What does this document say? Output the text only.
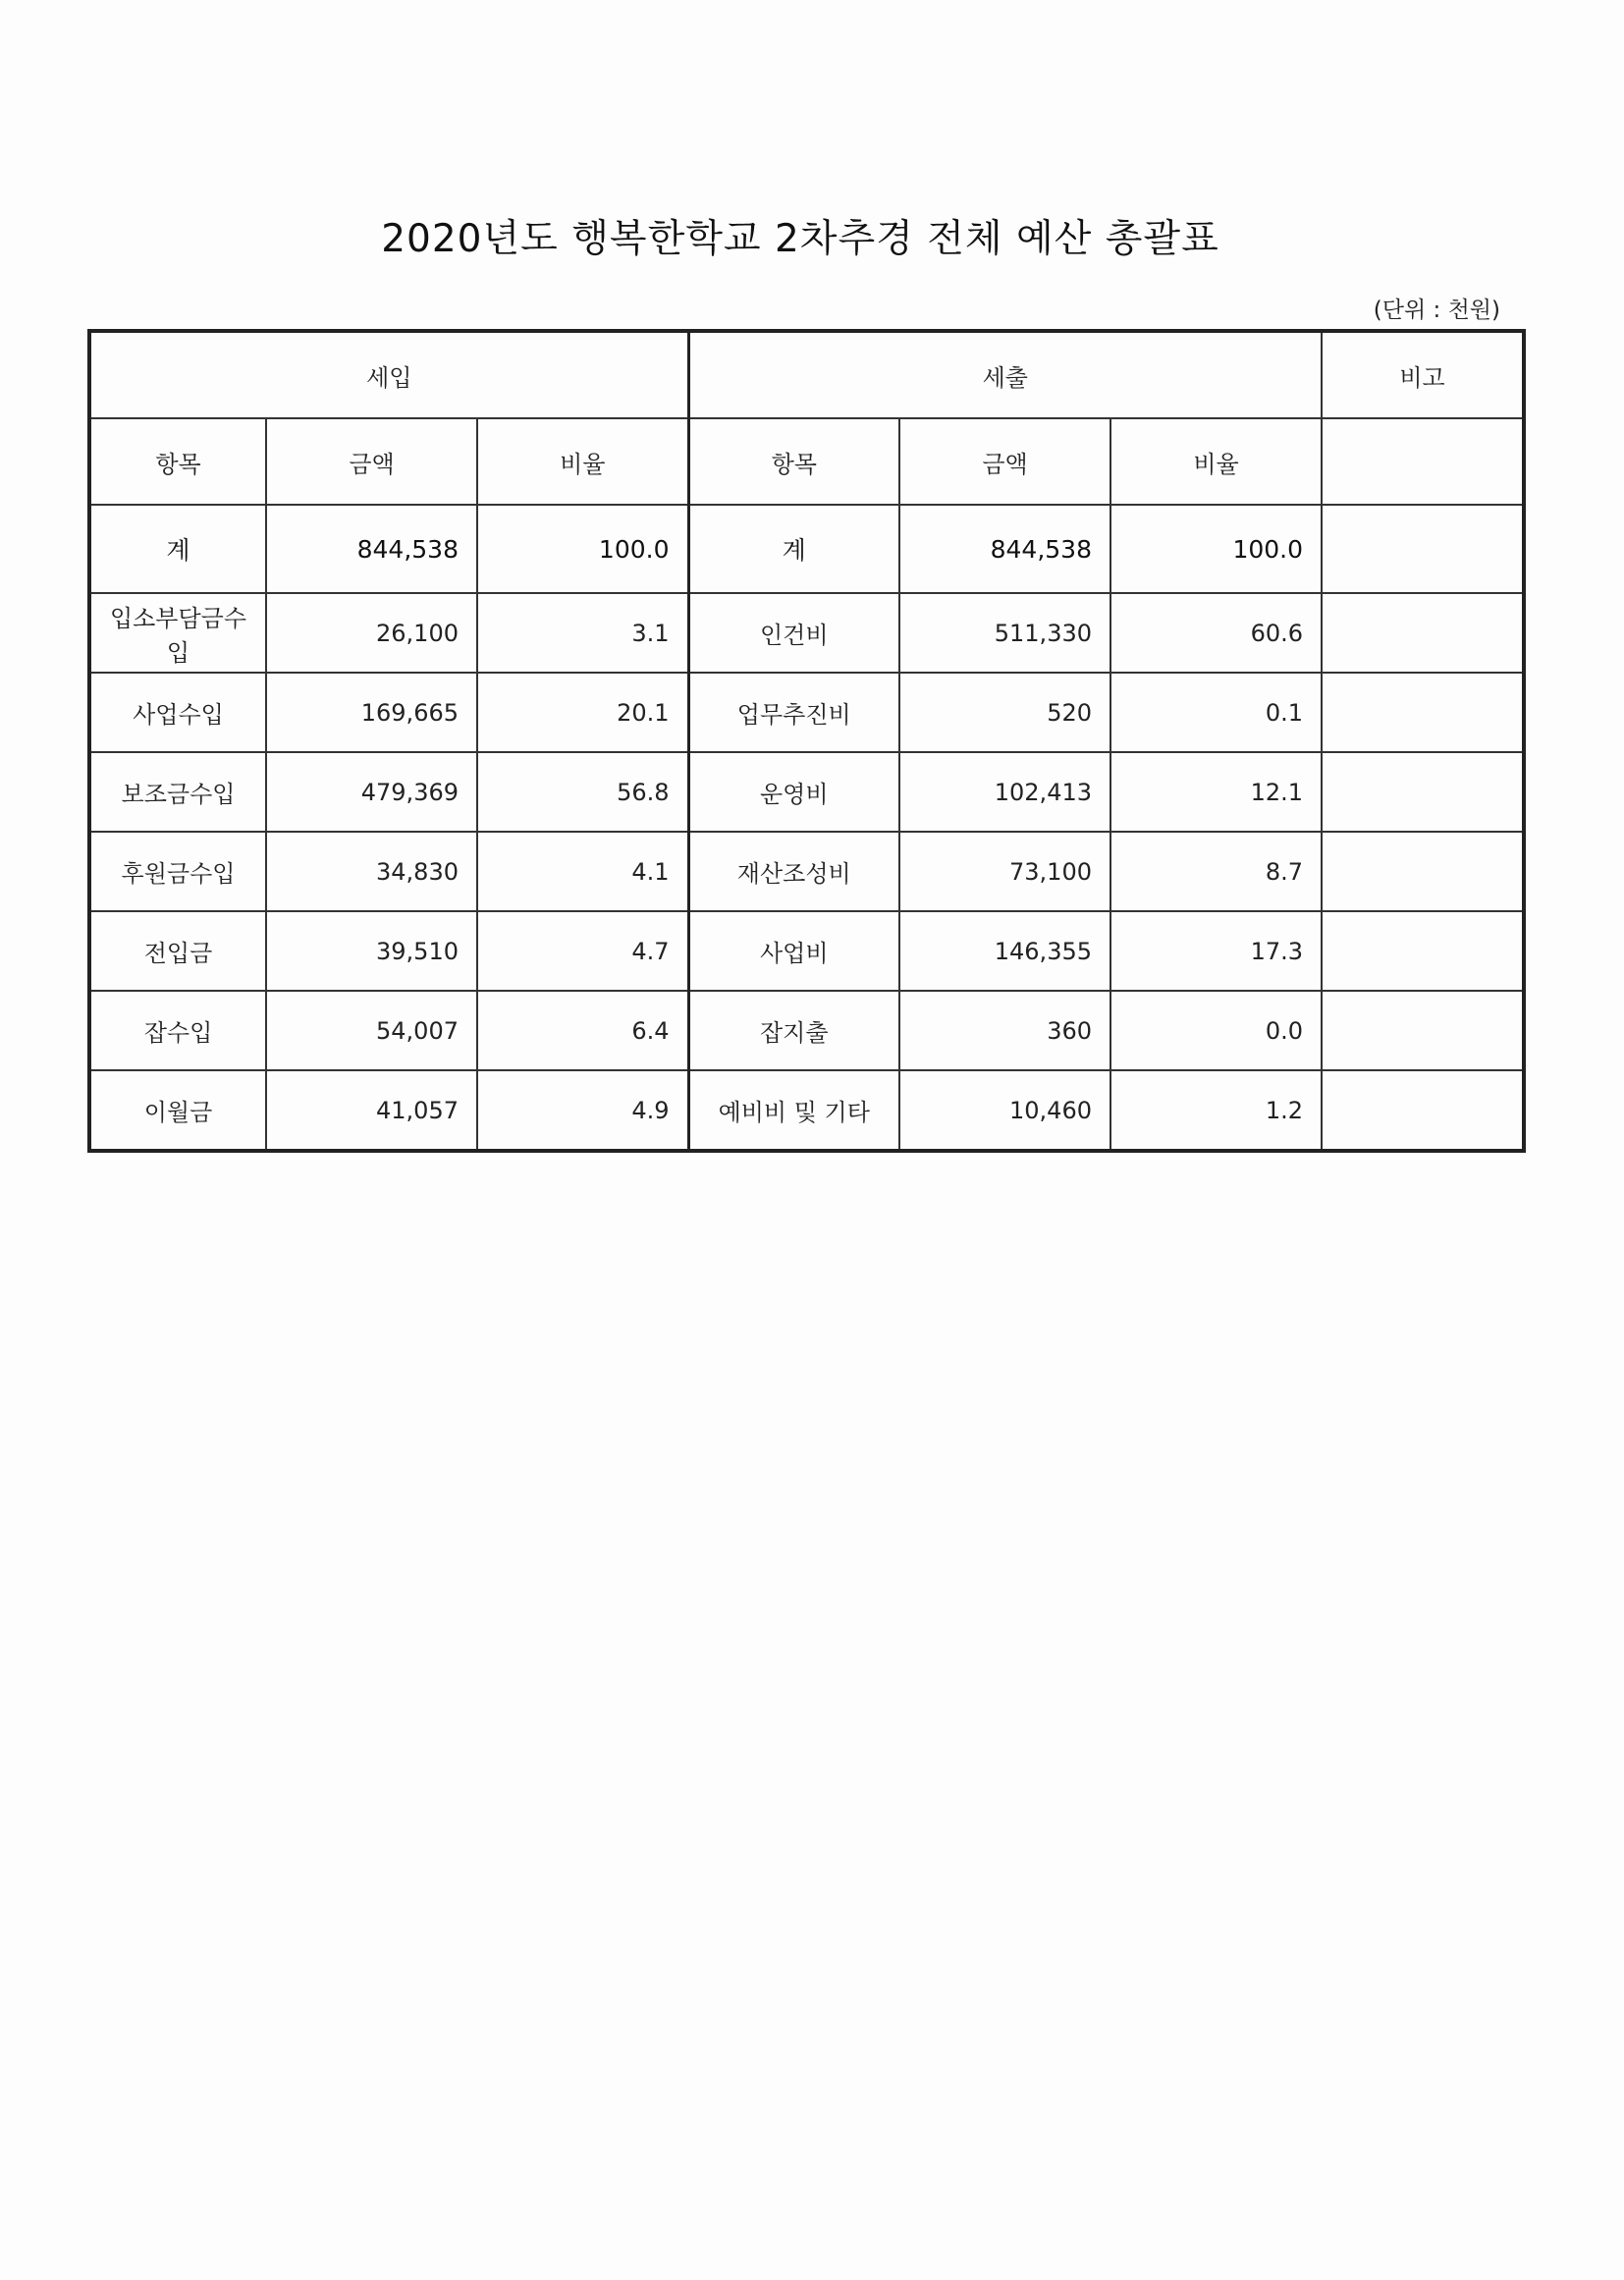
2020년도 행복한학교 2차추경 전체 예산 총괄표
(단위 : 천원)
세입			세출			비고
항목	금액	비율	항목	금액	비율	
계	844,538	100.0	계	844,538	100.0	
입소부담금수입	26,100	3.1	인건비	511,330	60.6	
사업수입	169,665	20.1	업무추진비	520	0.1	
보조금수입	479,369	56.8	운영비	102,413	12.1	
후원금수입	34,830	4.1	재산조성비	73,100	8.7	
전입금	39,510	4.7	사업비	146,355	17.3	
잡수입	54,007	6.4	잡지출	360	0.0	
이월금	41,057	4.9	예비비 및 기타	10,460	1.2	
